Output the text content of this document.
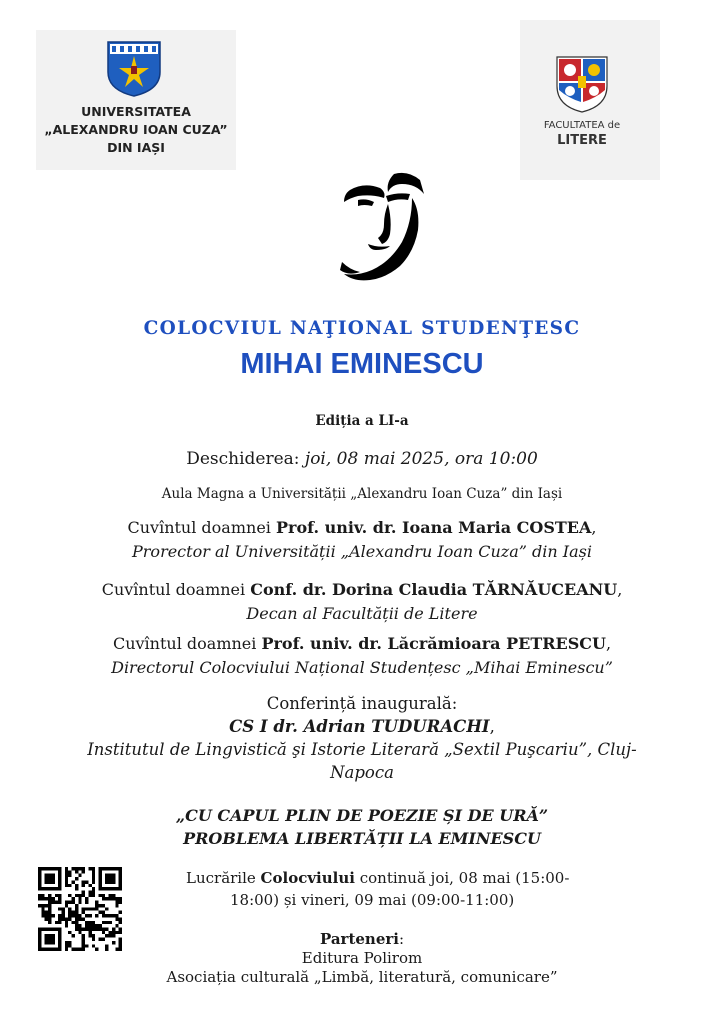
UNIVERSITATEA
„ALEXANDRU IOAN CUZA”
DIN IAȘI
FACULTATEA de
LITERE
COLOCVIUL NAŢIONAL STUDENŢESC
MIHAI EMINESCU
Ediția a LI-a
Deschiderea: joi, 08 mai 2025, ora 10:00
Aula Magna a Universității „Alexandru Ioan Cuza” din Iași
Cuvîntul doamnei Prof. univ. dr. Ioana Maria COSTEA,
Prorector al Universității „Alexandru Ioan Cuza” din Iași
Cuvîntul doamnei Conf. dr. Dorina Claudia TĂRNĂUCEANU,
Decan al Facultății de Litere
Cuvîntul doamnei Prof. univ. dr. Lăcrămioara PETRESCU,
Directorul Colocviului Național Studențesc „Mihai Eminescu”
Conferință inaugurală:
CS I dr. Adrian TUDURACHI,
Institutul de Lingvistică şi Istorie Literară „Sextil Puşcariu”, Cluj-
Napoca
„CU CAPUL PLIN DE POEZIE ȘI DE URĂ”
PROBLEMA LIBERTĂȚII LA EMINESCU
Lucrările Colocviului continuă joi, 08 mai (15:00-
18:00) și vineri, 09 mai (09:00-11:00)
Parteneri:
Editura Polirom
Asociația culturală „Limbă, literatură, comunicare”
